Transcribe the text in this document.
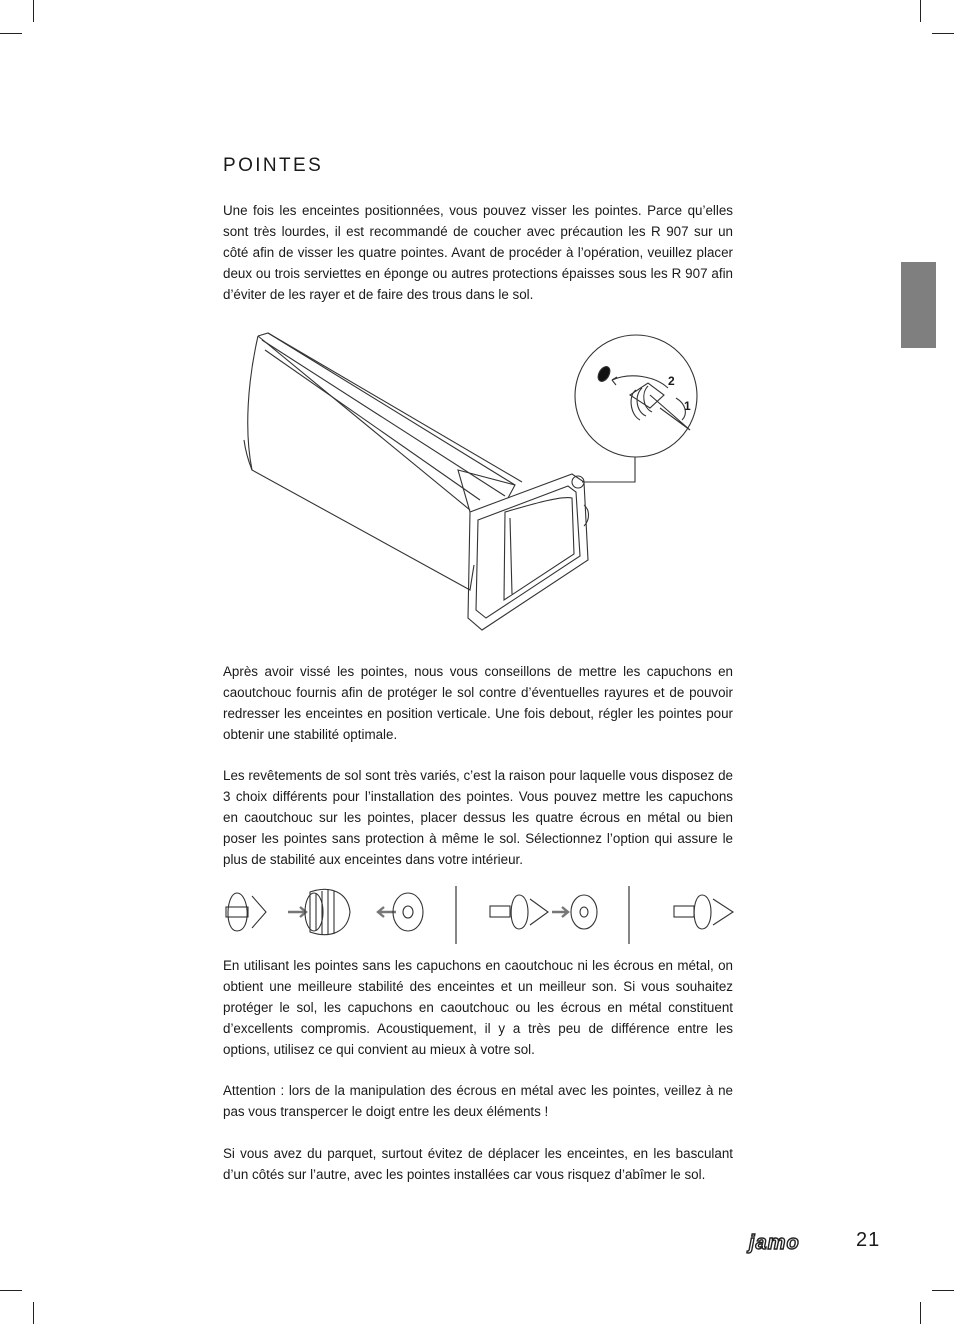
POINTES
Une fois les enceintes positionnées, vous pouvez visser les pointes. Parce qu’elles sont très lourdes, il est recommandé de coucher avec précaution les R 907 sur un côté afin de visser les quatre pointes. Avant de procéder à l’opération, veuillez placer deux ou trois serviettes en éponge ou autres protections épaisses sous les R 907 afin d’éviter de les rayer et de faire des trous dans le sol.
2
1
Après avoir vissé les pointes, nous vous conseillons de mettre les capuchons en caoutchouc fournis afin de protéger le sol contre d’éventuelles rayures et de pouvoir redresser les enceintes en position verticale. Une fois debout, régler les pointes pour obtenir une stabilité optimale.
Les revêtements de sol sont très variés, c’est la raison pour laquelle vous disposez de 3 choix différents pour l’installation des pointes. Vous pouvez mettre les capuchons en caoutchouc sur les pointes, placer dessus les quatre écrous en métal ou bien poser les pointes sans protection à même le sol. Sélectionnez l’option qui assure le plus de stabilité aux enceintes dans votre intérieur.
En utilisant les pointes sans les capuchons en caoutchouc ni les écrous en métal, on obtient une meilleure stabilité des enceintes et un meilleur son. Si vous souhaitez protéger le sol, les capuchons en caoutchouc ou les écrous en métal constituent d’excellents compromis. Acoustiquement, il y a très peu de différence entre les options, utilisez ce qui convient au mieux à votre sol.
Attention : lors de la manipulation des écrous en métal avec les pointes, veillez à ne pas vous transpercer le doigt entre les deux éléments !
Si vous avez du parquet, surtout évitez de déplacer les enceintes, en les basculant d’un côtés sur l’autre, avec les pointes installées car vous risquez d’abîmer le sol.
jamo	21
